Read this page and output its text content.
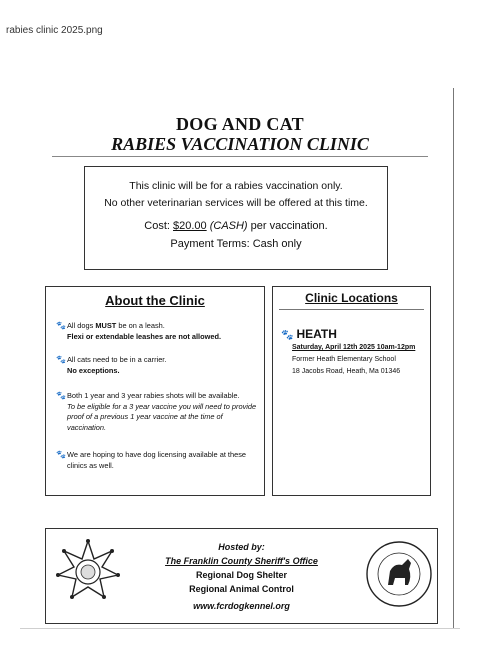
rabies clinic 2025.png
DOG AND CAT
RABIES VACCINATION CLINIC
This clinic will be for a rabies vaccination only.
No other veterinarian services will be offered at this time.
Cost: $20.00 (CASH) per vaccination.
Payment Terms: Cash only
About the Clinic
🐾 All dogs MUST be on a leash.
Flexi or extendable leashes are not allowed.
🐾 All cats need to be in a carrier.
No exceptions.
🐾 Both 1 year and 3 year rabies shots will be available.
To be eligible for a 3 year vaccine you will need to provide proof of a previous 1 year vaccine at the time of vaccination.
🐾 We are hoping to have dog licensing available at these clinics as well.
Clinic Locations
🐾 HEATH
Saturday, April 12th 2025 10am-12pm
Former Heath Elementary School
18 Jacobs Road, Heath, Ma 01346
Hosted by:
The Franklin County Sheriff's Office
Regional Dog Shelter
Regional Animal Control
www.fcrdogkennel.org
